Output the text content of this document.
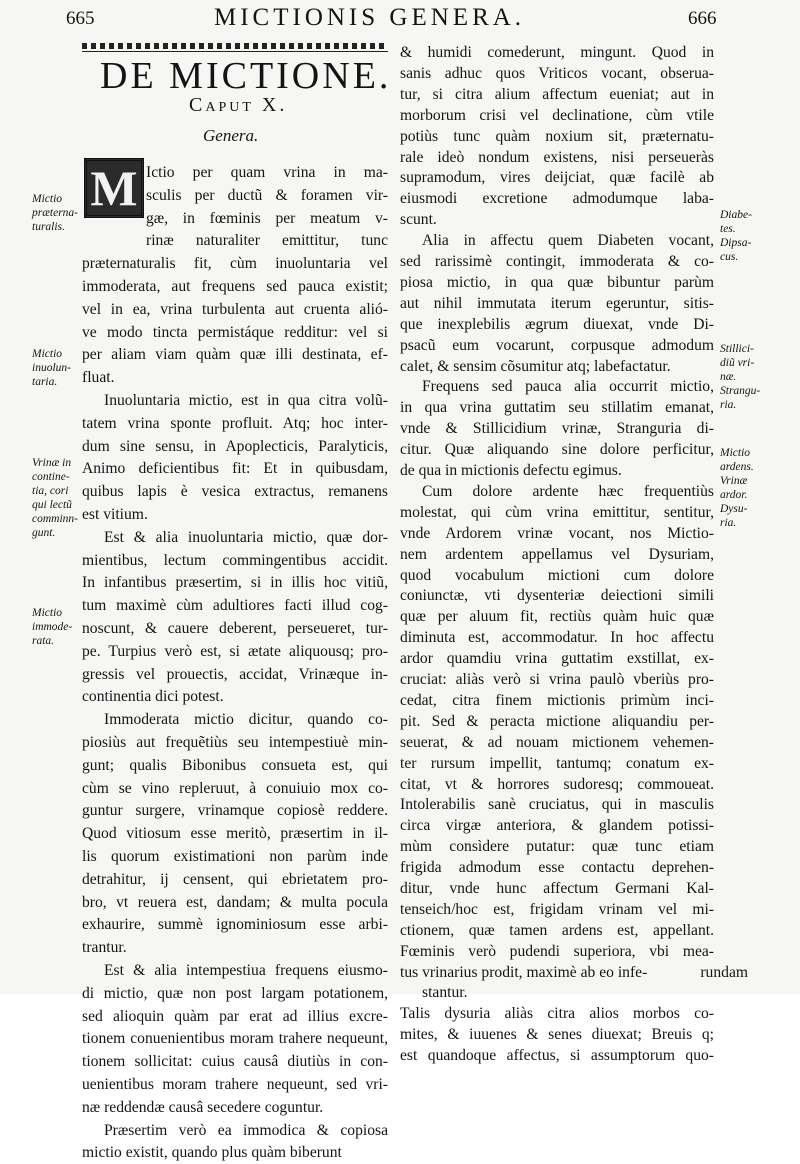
665	MICTIONIS GENERA.	666
DE MICTIONE.
Caput X.
Genera.
M Ictio per quam vrina in ma-
sculis per ductũ & foramen vir-
gæ, in fœminis per meatum v-
rinæ naturaliter emittitur, tunc
præternaturalis fit, cùm inuoluntaria vel
immoderata, aut frequens sed pauca existit;
vel in ea, vrina turbulenta aut cruenta alió-
ve modo tincta permistáque redditur: vel si
per aliam viam quàm quæ illi destinata, ef-
fluat.
Inuoluntaria mictio, est in qua citra volũ-
tatem vrina sponte profluit. Atq; hoc inter-
dum sine sensu, in Apoplecticis, Paralyticis,
Animo deficientibus fit: Et in quibusdam,
quibus lapis è vesica extractus, remanens
est vitium.
Est & alia inuoluntaria mictio, quæ dor-
mientibus, lectum commingentibus accidit.
In infantibus præsertim, si in illis hoc vitiũ,
tum maximè cùm adultiores facti illud cog-
noscunt, & cauere deberent, perseueret, tur-
pe. Turpius verò est, si ætate aliquousq; pro-
gressis vel prouectis, accidat, Vrinæque in-
continentia dici potest.
Immoderata mictio dicitur, quando co-
piosiùs aut frequẽtiùs seu intempestiuè min-
gunt; qualis Bibonibus consueta est, qui
cùm se vino repleruut, à conuiuio mox co-
guntur surgere, vrinamque copiosè reddere.
Quod vitiosum esse meritò, præsertim in il-
lis quorum existimationi non parùm inde
detrahitur, ij censent, qui ebrietatem pro-
bro, vt reuera est, dandam; & multa pocula
exhaurire, summè ignominiosum esse arbi-
trantur.
Est & alia intempestiua frequens eiusmo-
di mictio, quæ non post largam potationem,
sed alioquin quàm par erat ad illius excre-
tionem conuenientibus moram trahere nequeunt,
tionem sollicitat: cuius causâ diutiùs in con-
uenientibus moram trahere nequeunt, sed vri-
næ reddendæ causâ secedere coguntur.
Præsertim verò ea immodica & copiosa
mictio existit, quando plus quàm biberunt
& humidi comederunt, mingunt. Quod in
sanis adhuc quos Vriticos vocant, obserua-
tur, si citra alium affectum eueniat; aut in
morborum crisi vel declinatione, cùm vtile
potiùs tunc quàm noxium sit, præternatu-
rale ideò nondum existens, nisi perseueràs
supramodum, vires deijciat, quæ facilè ab
eiusmodi excretione admodumque laba-
scunt.
Alia in affectu quem Diabeten vocant,
sed rarissimè contingit, immoderata & co-
piosa mictio, in qua quæ bibuntur parùm
aut nihil immutata iterum egeruntur, sitis-
que inexplebilis ægrum diuexat, vnde Di-
psacũ eum vocarunt, corpusque admodum
calet, & sensim cõsumitur atq; labefactatur.
Frequens sed pauca alia occurrit mictio,
in qua vrina guttatim seu stillatim emanat,
vnde & Stillicidium vrinæ, Stranguria di-
citur. Quæ aliquando sine dolore perficitur,
de qua in mictionis defectu egimus.
Cum dolore ardente hæc frequentiùs
molestat, qui cùm vrina emittitur, sentitur,
vnde Ardorem vrinæ vocant, nos Mictio-
nem ardentem appellamus vel Dysuriam,
quod vocabulum mictioni cum dolore
coniunctæ, vti dysenteriæ deiectioni simili
quæ per aluum fit, rectiùs quàm huic quæ
diminuta est, accommodatur. In hoc affectu
ardor quamdiu vrina guttatim exstillat, ex-
cruciat: aliàs verò si vrina paulò vberiùs pro-
cedat, citra finem mictionis primùm inci-
pit. Sed & peracta mictione aliquandiu per-
seuerat, & ad nouam mictionem vehemen-
ter rursum impellit, tantumq; conatum ex-
citat, vt & horrores sudoresq; commoueat.
Intolerabilis sanè cruciatus, qui in masculis
circa virgæ anteriora, & glandem potissi-
mùm consìdere putatur: quæ tunc etiam
frigida admodum esse contactu deprehen-
ditur, vnde hunc affectum Germani Kal-
tenseich/hoc est, frigidam vrinam vel mi-
ctionem, quæ tamen ardens est, appellant.
Fœminis verò pudendi superiora, vbi mea-
tus vrinarius prodit, maximè ab eo infe-
stantur.
Talis dysuria aliàs citra alios morbos co-
mites, & iuuenes & senes diuexat; Breuis q;
est quandoque affectus, si assumptorum quo-
Mictio
præterna-
turalis.
Mictio
inuolun-
taria.
Vrinæ in
contine-
tia, cori
qui lectũ
comminn-
gunt.
Mictio
immode-
rata.
Diabe-
tes.
Dipsa-
cus.
Stillici-
diũ vri-
næ.
Strangu-
ria.
Mictio
ardens.
Vrinæ
ardor.
Dysu-
ria.
rundam
